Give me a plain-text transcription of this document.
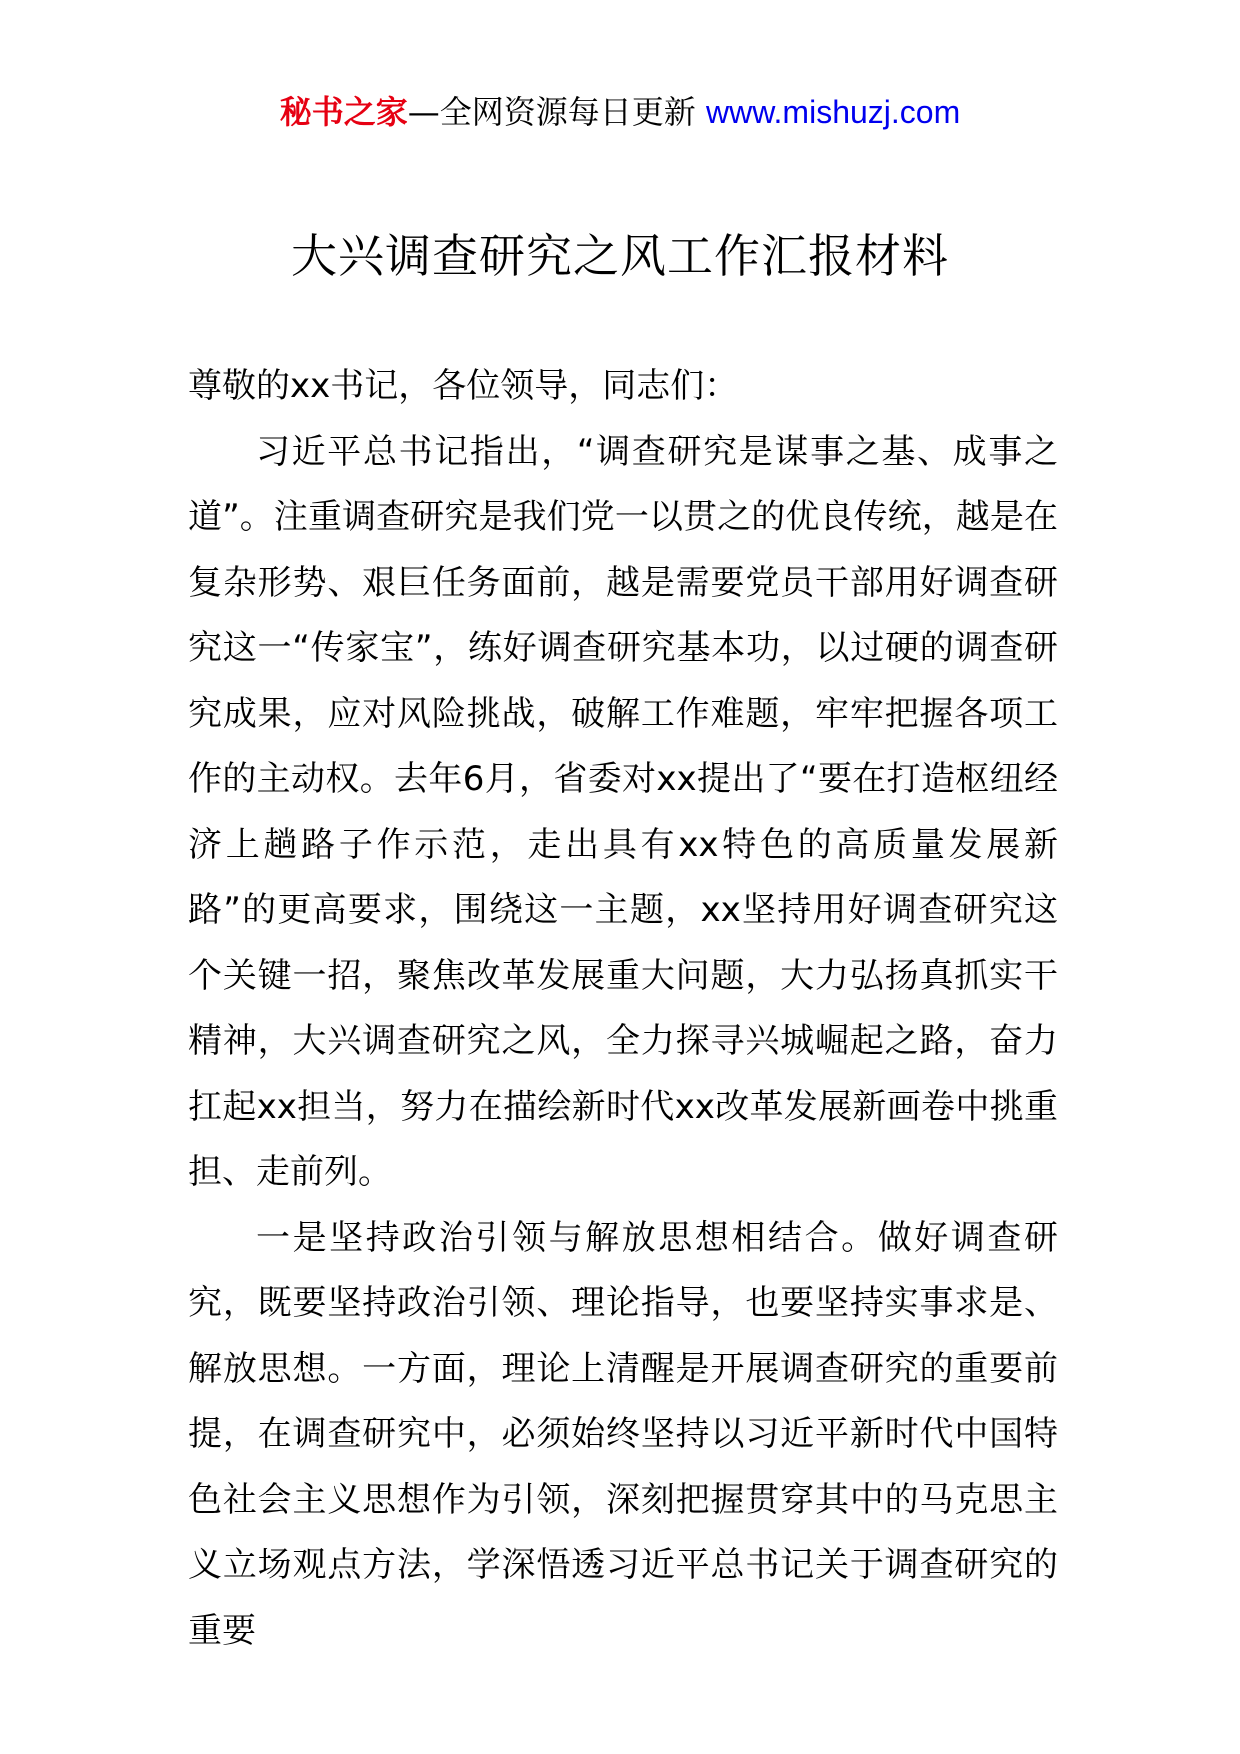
秘书之家—全网资源每日更新 www.mishuzj.com
大兴调查研究之风工作汇报材料

尊敬的xx书记，各位领导，同志们：

习近平总书记指出，“调查研究是谋事之基、成事之道”。注重调查研究是我们党一以贯之的优良传统，越是在复杂形势、艰巨任务面前，越是需要党员干部用好调查研究这一“传家宝”，练好调查研究基本功，以过硬的调查研究成果，应对风险挑战，破解工作难题，牢牢把握各项工作的主动权。去年6月，省委对xx提出了“要在打造枢纽经济上趟路子作示范，走出具有xx特色的高质量发展新路”的更高要求，围绕这一主题，xx坚持用好调查研究这个关键一招，聚焦改革发展重大问题，大力弘扬真抓实干精神，大兴调查研究之风，全力探寻兴城崛起之路，奋力扛起xx担当，努力在描绘新时代xx改革发展新画卷中挑重担、走前列。

一是坚持政治引领与解放思想相结合。做好调查研究，既要坚持政治引领、理论指导，也要坚持实事求是、解放思想。一方面，理论上清醒是开展调查研究的重要前提，在调查研究中，必须始终坚持以习近平新时代中国特色社会主义思想作为引领，深刻把握贯穿其中的马克思主义立场观点方法，学深悟透习近平总书记关于调查研究的重要
